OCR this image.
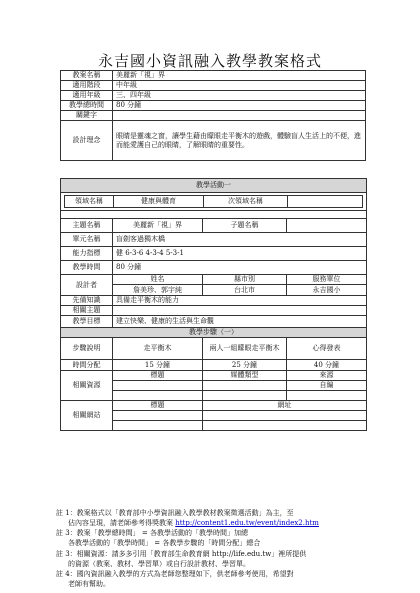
永吉國小資訊融入教學教案格式
教案名稱	美麗新「視」界
適用階段	中年級
適用年級	三、四年級
教學總時間	80 分鐘
關鍵字	
設計理念	眼睛是靈魂之窗，讓學生藉由矇眼走平衡木的遊戲，體驗盲人生活上的不便，進而能愛護自己的眼睛，了解眼睛的重要性。
教學活動一

領域名稱	健康與體育	次領域名稱	

主題名稱	美麗新「視」界	子題名稱	
單元名稱	盲劍客過獨木橋
能力指標	健 6-3-6 4-3-4 5-3-1
教學時間	80 分鐘
設計者	姓名	縣市別	服務單位
詹美珍、郭宇純	台北市	永吉國小
先備知識	具備走平衡木的能力
相關主題	
教學目標	建立快樂、健康的生活與生命觀
教學步驟（一）
步驟說明	走平衡木	兩人一組矇眼走平衡木	心得發表
時間分配	15 分鐘	25 分鐘	40 分鐘
相關資源	標題	媒體類型	來源
		自編

相關網站	標題	網址

註 1：教案格式以「教育部中小學資訊融入教學教材教案徵選活動」為主，至
佔內容呈現，請老師參考得獎教案 http://content1.edu.tw/event/index2.htm
註 3：教案「教學總時間」 = 各教學活動的「教學時間」加總
各教學活動的「教學時間」 = 各教學步驟的「時間分配」總合
註 3：相關資源：請多多引用「教育部生命教育網 http://life.edu.tw」裡所提供
的資源（教案、教材、學習單）或自行設計教材、學習單。
註 4：國內資訊融入教學的方式為老師您整理如下，供老師參考使用，希望對
老師有幫助。
